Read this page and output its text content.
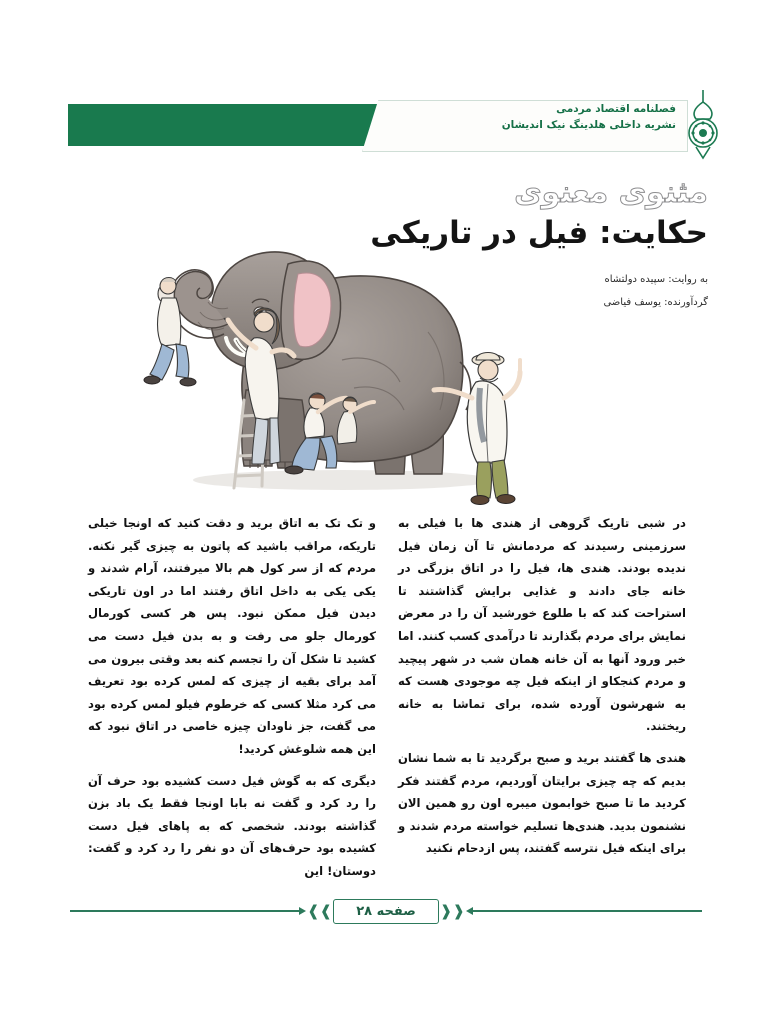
فصلنامه اقتصاد مردمی
نشریه داخلی هلدینگ نیک اندیشان
مثنوی معنوی
حکایت: فیل در تاریکی

به روایت: سپیده دولتشاه

گردآورنده: یوسف فیاضی

در شبی تاریک گروهی از هندی ها با فیلی به سرزمینی رسیدند که مردمانش تا آن زمان فیل ندیده بودند. هندی ها، فیل را در اتاق بزرگی در خانه جای دادند و غذایی برایش گذاشتند تا استراحت کند که با طلوع خورشید آن را در معرض نمایش برای مردم بگذارند تا درآمدی کسب کنند. اما خبر ورود آنها به آن خانه همان شب در شهر پیچید و مردم کنجکاو از اینکه فیل چه موجودی هست که به شهرشون آورده شده، برای تماشا به خانه ریختند.

هندی ها گفتند برید و صبح برگردید تا به شما نشان بدیم که چه چیزی برایتان آوردیم، مردم گفتند فکر کردید ما تا صبح خوابمون میبره اون رو همین الان نشنمون بدید. هندی‌ها تسلیم خواسته مردم شدند و برای اینکه فیل نترسه گفتند، پس ازدحام نکنید

و تک تک به اتاق برید و دقت کنید که اونجا خیلی تاریکه، مراقب باشید که پاتون به چیزی گیر نکنه. مردم که از سر کول هم بالا میرفتند، آرام شدند و یکی یکی به داخل اتاق رفتند اما در اون تاریکی دیدن فیل ممکن نبود. پس هر کسی کورمال کورمال جلو می رفت و به بدن فیل دست می کشید تا شکل آن را تجسم کنه بعد وقتی بیرون می آمد برای بقیه از چیزی که لمس کرده بود تعریف می کرد مثلا کسی که خرطوم فیلو لمس کرده بود می گفت، جز ناودان چیزه خاصی در اتاق نبود که این همه شلوغش کردید!

دیگری که به گوش فیل دست کشیده بود حرف آن را رد کرد و گفت نه بابا اونجا فقط یک باد بزن گذاشته بودند. شخصی که به پاهای فیل دست کشیده بود حرف‌های آن دو نفر را رد کرد و گفت: دوستان! این

❰❰
صفحه ۲۸
❱❱
